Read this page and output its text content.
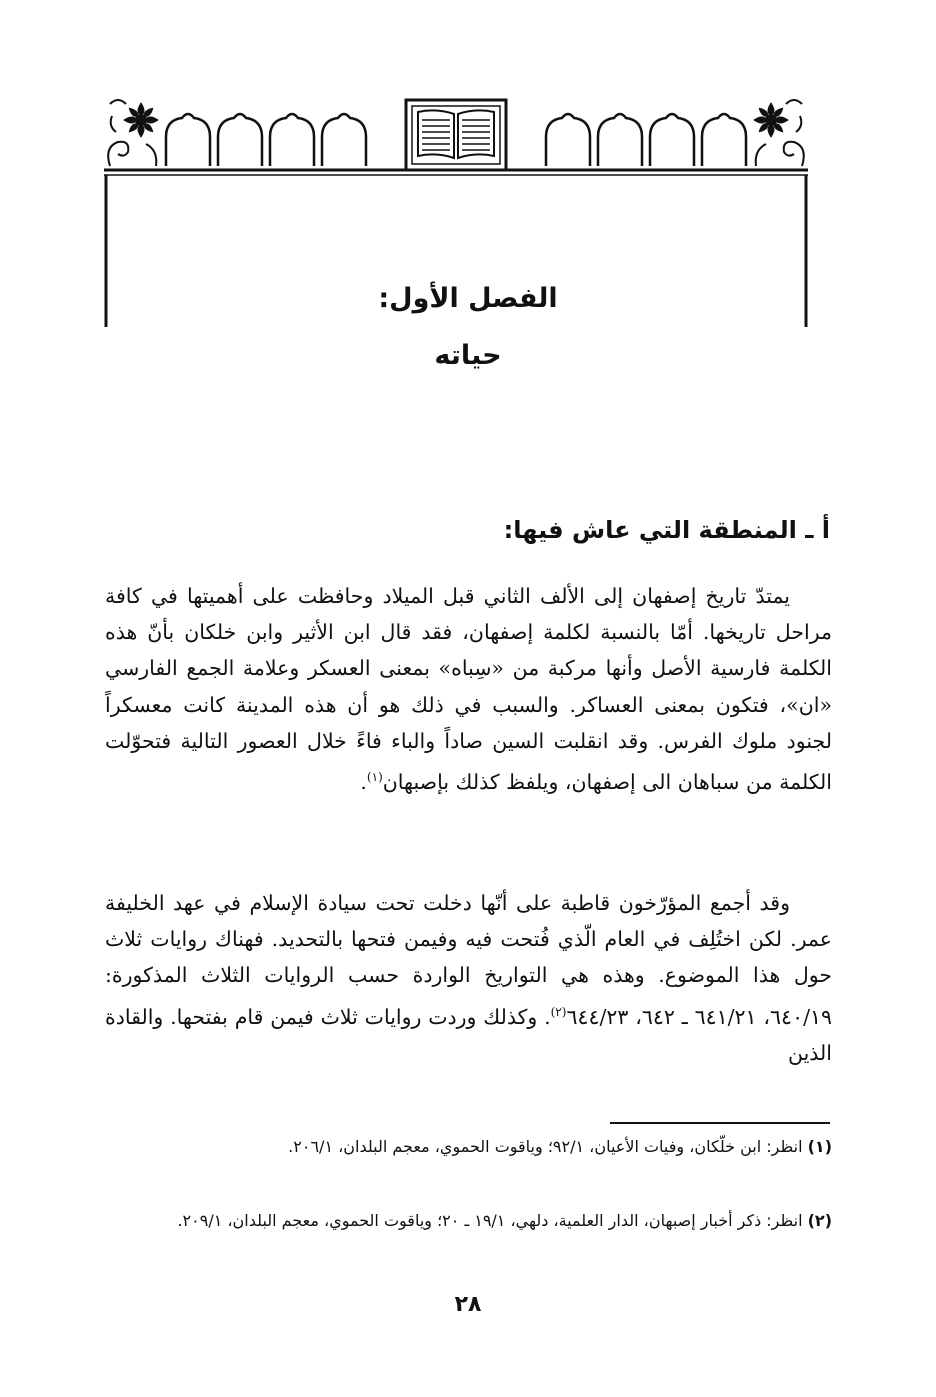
الفصل الأول:
حياته
أ ـ المنطقة التي عاش فيها:
يمتدّ تاريخ إصفهان إلى الألف الثاني قبل الميلاد وحافظت على أهميتها في كافة مراحل تاريخها. أمّا بالنسبة لكلمة إصفهان، فقد قال ابن الأثير وابن خلكان بأنّ هذه الكلمة فارسية الأصل وأنها مركبة من «سِباه» بمعنى العسكر وعلامة الجمع الفارسي «ان»، فتكون بمعنى العساكر. والسبب في ذلك هو أن هذه المدينة كانت معسكراً لجنود ملوك الفرس. وقد انقلبت السين صاداً والباء فاءً خلال العصور التالية فتحوّلت الكلمة من سباهان الى إصفهان، ويلفظ كذلك بإصبهان$^{(١)}$.
وقد أجمع المؤرّخون قاطبة على أنّها دخلت تحت سيادة الإسلام في عهد الخليفة عمر. لكن اختُلِف في العام الّذي فُتحت فيه وفيمن فتحها بالتحديد. فهناك روايات ثلاث حول هذا الموضوع. وهذه هي التواريخ الواردة حسب الروايات الثلاث المذكورة: ٦٤٠/١٩، ٦٤١/٢١ ـ ٦٤٢، ٦٤٤/٢٣$^{(٢)}$. وكذلك وردت روايات ثلاث فيمن قام بفتحها. والقادة الذين
(١) انظر: ابن خلّكان، وفيات الأعيان، ٩٢/١؛ وياقوت الحموي، معجم البلدان، ٢٠٦/١.
(٢) انظر: ذكر أخبار إصبهان، الدار العلمية، دلهي، ١٩/١ ـ ٢٠؛ وياقوت الحموي، معجم البلدان، ٢٠٩/١.
٢٨
